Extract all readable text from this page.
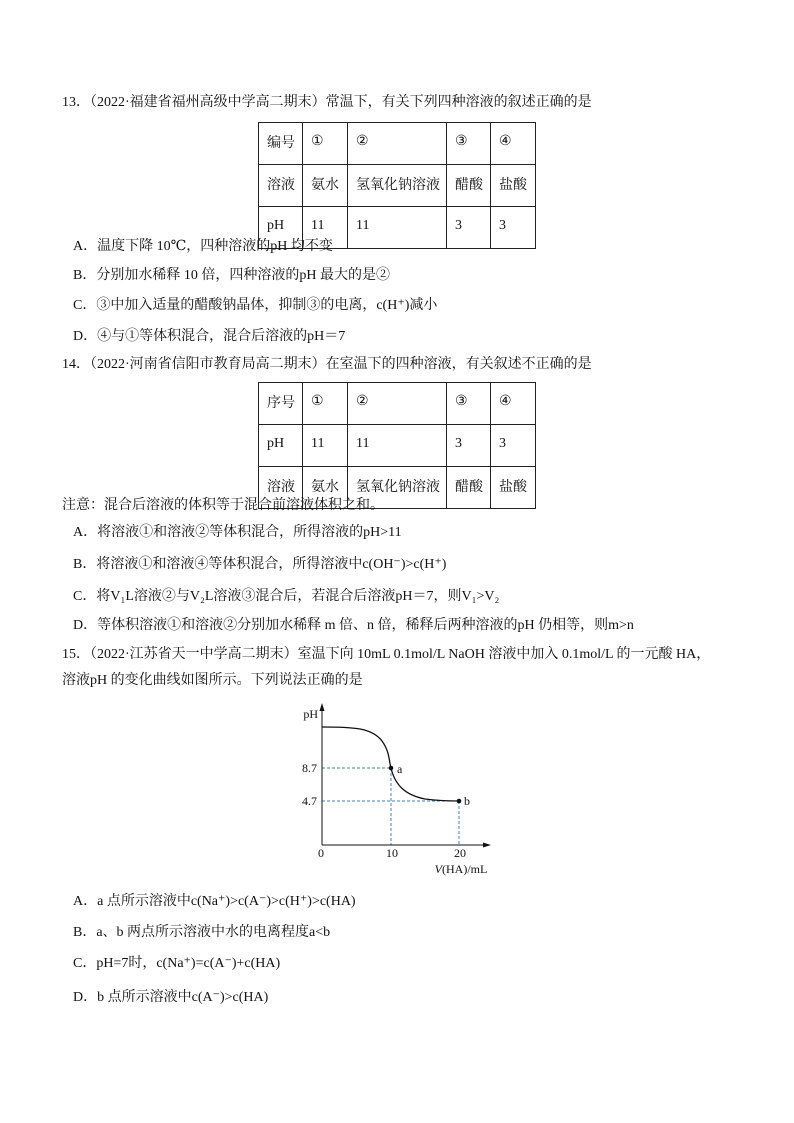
13．（2022·福建省福州高级中学高二期末）常温下，有关下列四种溶液的叙述正确的是
编号	①	②	③	④
溶液	氨水	氢氧化钠溶液	醋酸	盐酸
pH	11	11	3	3
A．温度下降 10℃，四种溶液的pH 均不变
B．分别加水稀释 10 倍，四种溶液的pH 最大的是②
C．③中加入适量的醋酸钠晶体，抑制③的电离，c(H⁺)减小
D．④与①等体积混合，混合后溶液的pH＝7
14．（2022·河南省信阳市教育局高二期末）在室温下的四种溶液，有关叙述不正确的是
序号	①	②	③	④
pH	11	11	3	3
溶液	氨水	氢氧化钠溶液	醋酸	盐酸
注意：混合后溶液的体积等于混合前溶液体积之和。
A．将溶液①和溶液②等体积混合，所得溶液的pH>11
B．将溶液①和溶液④等体积混合，所得溶液中c(OH⁻)>c(H⁺)
C．将V₁L溶液②与V₂L溶液③混合后，若混合后溶液pH＝7，则V₁>V₂
D．等体积溶液①和溶液②分别加水稀释 m 倍、n 倍，稀释后两种溶液的pH 仍相等，则m>n
15．（2022·江苏省天一中学高二期末）室温下向 10mL 0.1mol/L NaOH 溶液中加入 0.1mol/L 的一元酸 HA，
溶液pH 的变化曲线如图所示。下列说法正确的是
a
b
pH
8.7
4.7
0	10	20
V(HA)/mL
A．a 点所示溶液中c(Na⁺)>c(A⁻)>c(H⁺)>c(HA)
B．a、b 两点所示溶液中水的电离程度a<b
C．pH=7时，c(Na⁺)=c(A⁻)+c(HA)
D．b 点所示溶液中c(A⁻)>c(HA)
